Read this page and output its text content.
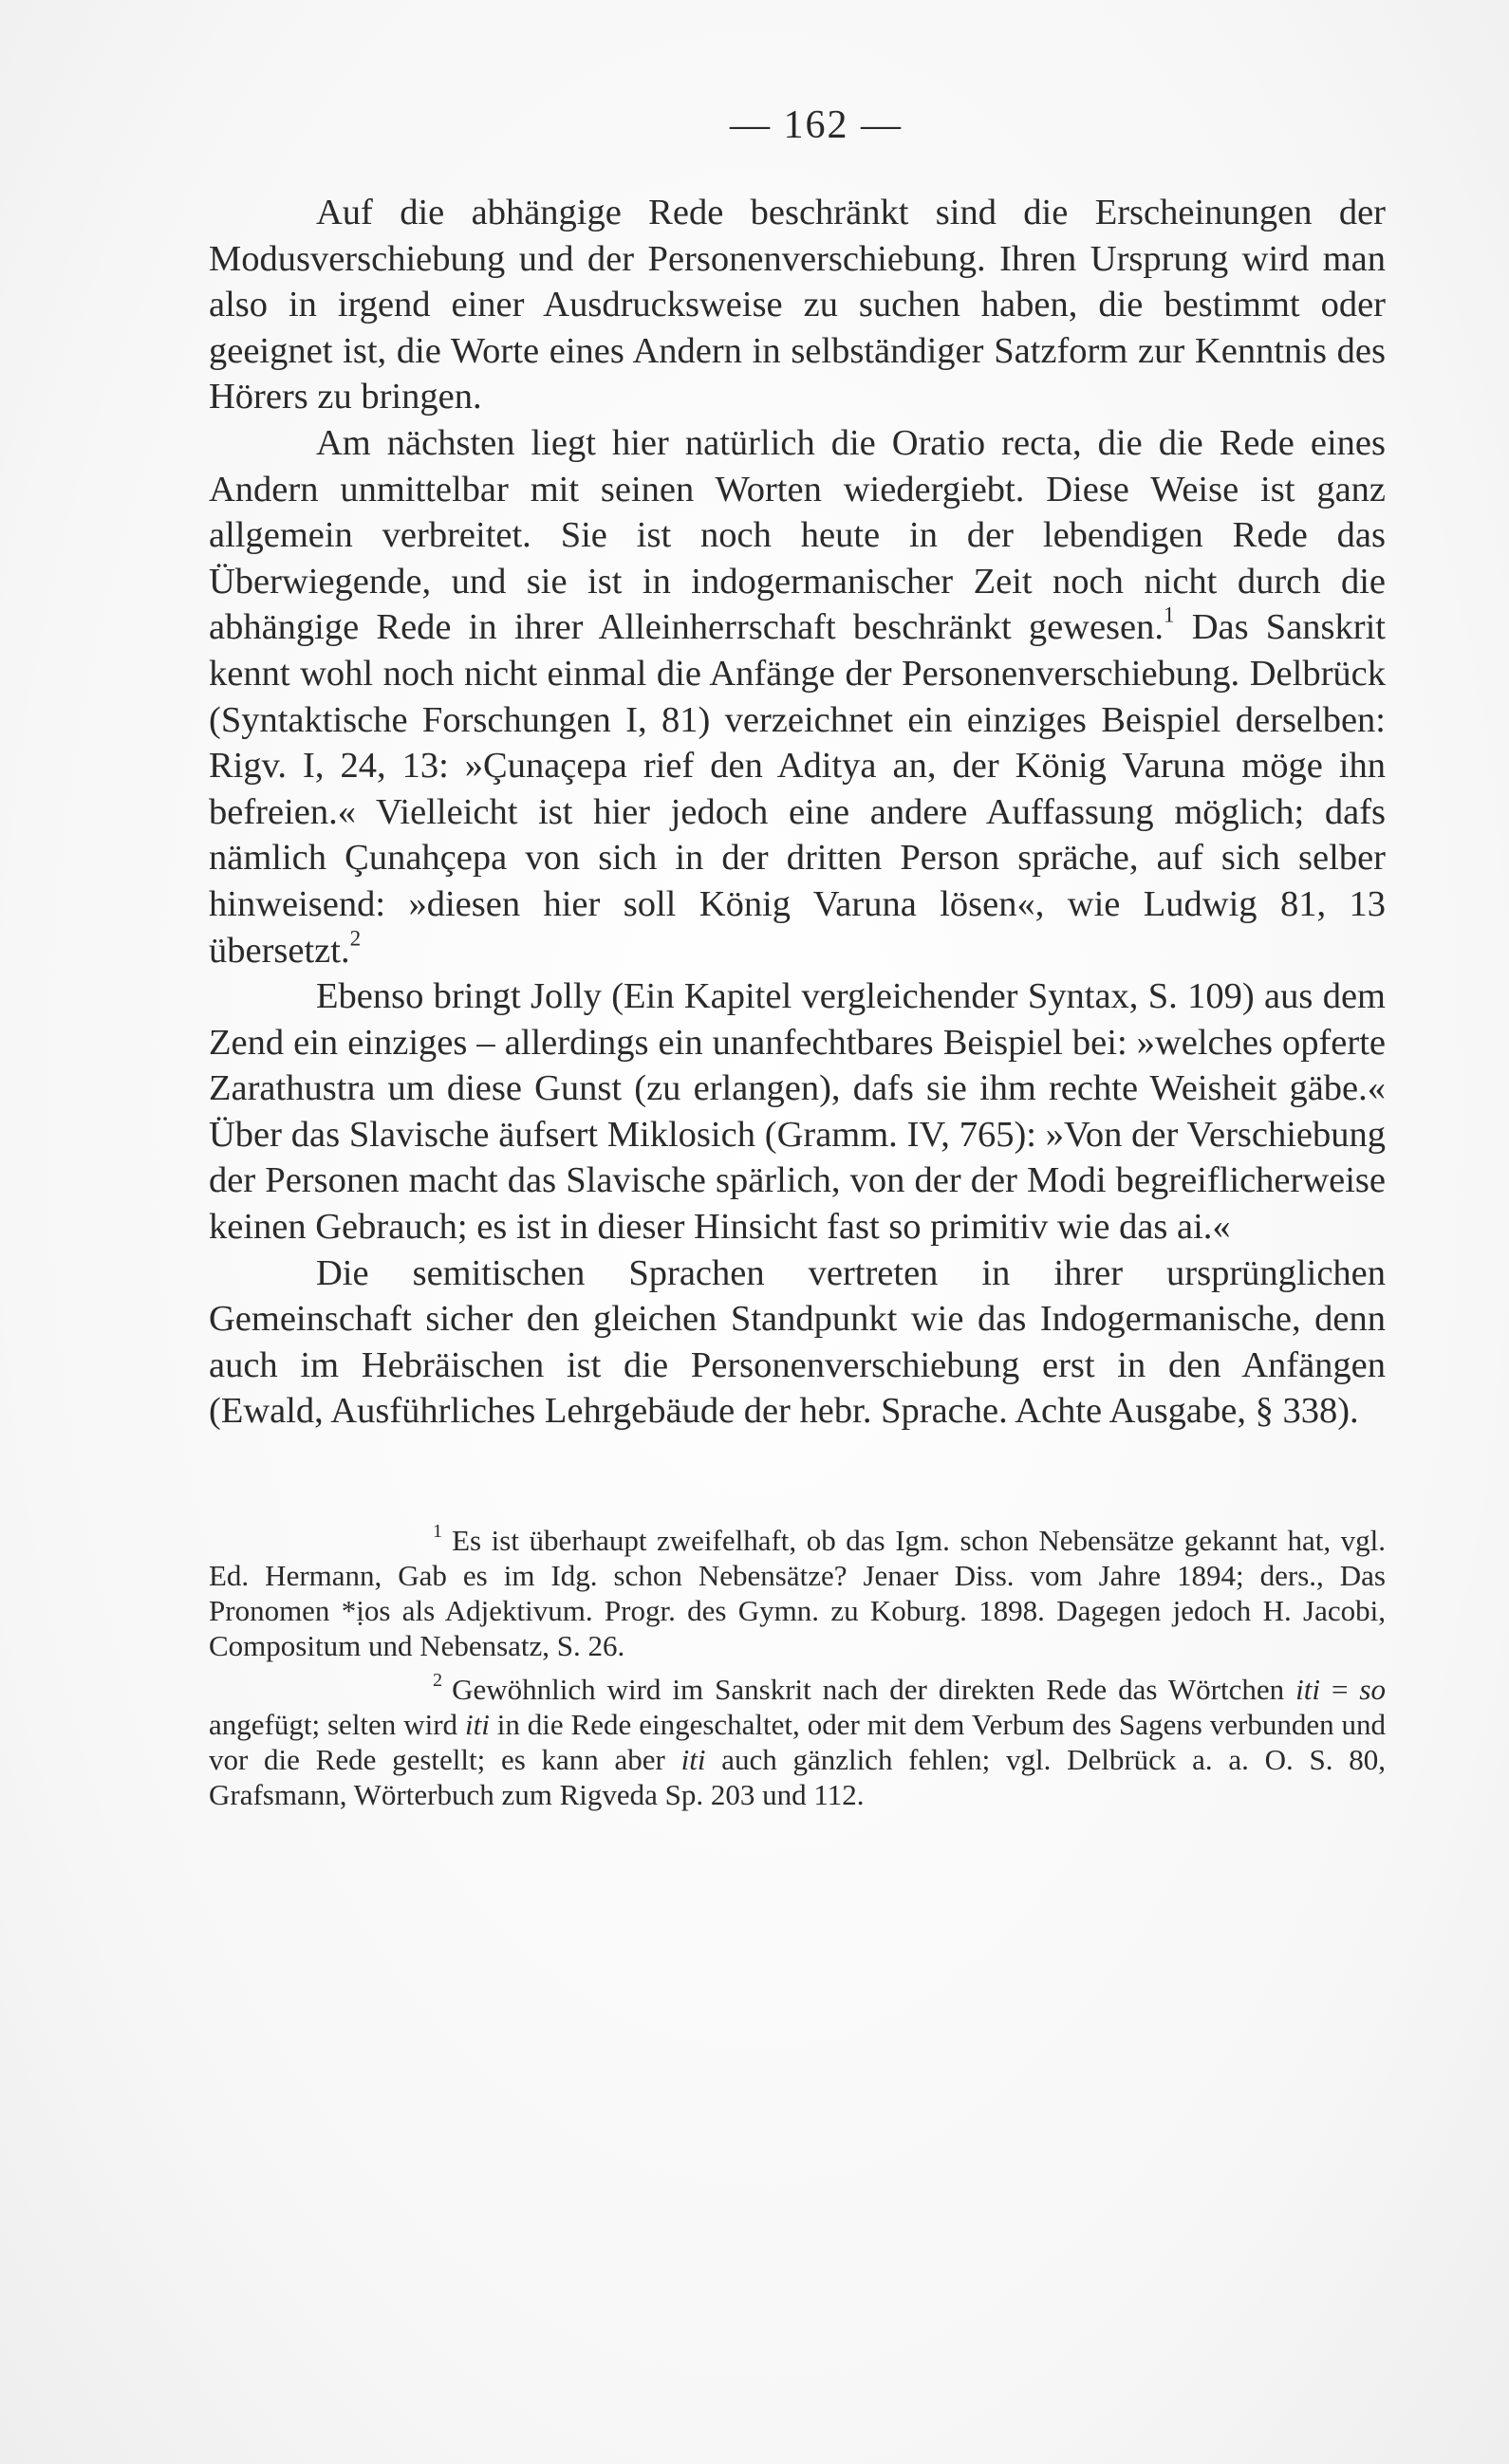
— 162 —

Auf die abhängige Rede beschränkt sind die Erscheinungen der Modusverschiebung und der Personenverschiebung. Ihren Ursprung wird man also in irgend einer Ausdrucksweise zu suchen haben, die bestimmt oder geeignet ist, die Worte eines Andern in selbständiger Satzform zur Kenntnis des Hörers zu bringen.

Am nächsten liegt hier natürlich die Oratio recta, die die Rede eines Andern unmittelbar mit seinen Worten wiedergiebt. Diese Weise ist ganz allgemein verbreitet. Sie ist noch heute in der lebendigen Rede das Überwiegende, und sie ist in indogermanischer Zeit noch nicht durch die abhängige Rede in ihrer Alleinherrschaft beschränkt gewesen.$^1$ Das Sanskrit kennt wohl noch nicht einmal die Anfänge der Personenverschiebung. Delbrück (Syntaktische Forschungen I, 81) verzeichnet ein einziges Beispiel derselben: Rigv. I, 24, 13: »Çunaçepa rief den Aditya an, der König Varuna möge ihn befreien.« Vielleicht ist hier jedoch eine andere Auffassung möglich; dafs nämlich Çunahçepa von sich in der dritten Person spräche, auf sich selber hinweisend: »diesen hier soll König Varuna lösen«, wie Ludwig 81, 13 übersetzt.$^2$

Ebenso bringt Jolly (Ein Kapitel vergleichender Syntax, S. 109) aus dem Zend ein einziges – allerdings ein unanfechtbares Beispiel bei: »welches opferte Zarathustra um diese Gunst (zu erlangen), dafs sie ihm rechte Weisheit gäbe.« Über das Slavische äufsert Miklosich (Gramm. IV, 765): »Von der Verschiebung der Personen macht das Slavische spärlich, von der der Modi begreiflicherweise keinen Gebrauch; es ist in dieser Hinsicht fast so primitiv wie das ai.«

Die semitischen Sprachen vertreten in ihrer ursprünglichen Gemeinschaft sicher den gleichen Standpunkt wie das Indogermanische, denn auch im Hebräischen ist die Personenverschiebung erst in den Anfängen (Ewald, Ausführliches Lehrgebäude der hebr. Sprache. Achte Ausgabe, § 338).

1 Es ist überhaupt zweifelhaft, ob das Igm. schon Nebensätze gekannt hat, vgl. Ed. Hermann, Gab es im Idg. schon Nebensätze? Jenaer Diss. vom Jahre 1894; ders., Das Pronomen *ịos als Adjektivum. Progr. des Gymn. zu Koburg. 1898. Dagegen jedoch H. Jacobi, Compositum und Nebensatz, S. 26.

2 Gewöhnlich wird im Sanskrit nach der direkten Rede das Wörtchen iti = so angefügt; selten wird iti in die Rede eingeschaltet, oder mit dem Verbum des Sagens verbunden und vor die Rede gestellt; es kann aber iti auch gänzlich fehlen; vgl. Delbrück a. a. O. S. 80, Grafsmann, Wörterbuch zum Rigveda Sp. 203 und 112.
